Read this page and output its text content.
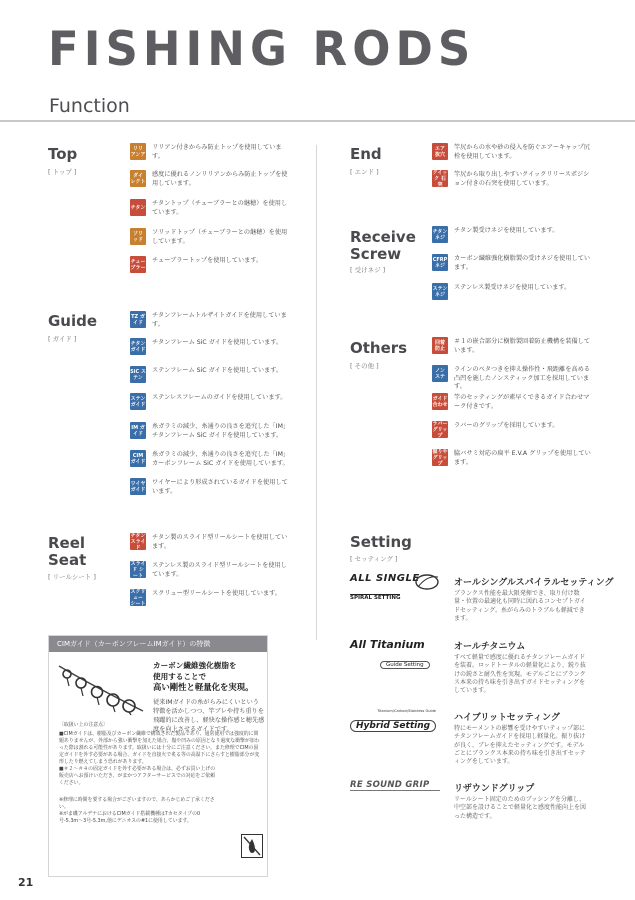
FISHING RODS
Function
Top
[ トップ ]
Guide
[ ガイド ]
Reel
Seat
[ リールシート ]
End
[ エンド ]
Receive
Screw
[ 受けネジ ]
Others
[ その他 ]
Setting
[ セッティング ]
ALL SINGLE
SPIRAL SETTING
オールシングルスパイラルセッティング
ブランクス性能を最大限発揮でき、取り付け数量・位置の最適化も同時に図れるコンセプトガイドセッティング。糸がらみのトラブルも軽減できます。
All Titanium
Guide Setting
オールチタニウム
すべて軽量で感度に優れるチタンフレームガイドを装着。ロッドトータルの軽量化により、鋭り抜けの鋭さと耐久性を実現。モデルごとにブランクス本来の持ち味を引き出すガイドセッティングをしています。
Titanium/Carbon/Stainless Guide
Hybrid Setting
ハイブリットセッティング
特にモーメントの影響を受けやすいティップ部にチタンフレームガイドを採用し軽量化。振り抜けが良く、ブレを抑えたセッティングです。モデルごとにブランクス本来の持ち味を引き出すセッティングをしています。
RE SOUND GRIP	リザウンドグリップ
リールシート固定のためのブッシングを分離し、中空部を設けることで軽量化と感度性能向上を図った構造です。
CIMガイド（カーボンフレームIMガイド）の特徴
カーボン繊維強化樹脂を
使用することで
高い剛性と軽量化を実現。
従来IMガイドの糸がらみにくいという特徴を活かしつつ、竿ブレや持ち重りを飛躍的に改善し、軽快な操作感と穂先感度を向上させるガイドです。
〔取扱い上の注意点〕
■CIMガイドは、樹脂及びカーボン繊維で構成された製品であり、通常使用では強度的に問題ありませんが、外部から強い衝撃を加えた場合、傷や凹みの原因となり過度な衝撃が加わった際は割れる可能性があります。取扱いには十分にご注意ください。また修理でCIMの固定ガイドを外す必要がある場合、ガイドを直接火で炙る等の高温下にさらすと樹脂部分が変形したり燃えてしまう恐れがあります。
■＃２～＃４の固定ガイドを外す必要がある場合は、必ずお買い上げの販売店へお預けいただき、がまかつアフターサービスでの対応をご依頼ください。
※修理に時間を要する場合がございますので、あらかじめご了承ください。
※がま磯アルデナにおけるCIMガイド搭載機種は7カセタイプの0号-5.3m〜3号-5.3m,他にデニオスの#1に使用しています。
21
リリ アンア
リリアン付きからみ防止トップを使用しています。
ダイ レクト
感度に優れるノンリリアンからみ防止トップを使用しています。
チタン
チタントップ（チューブラーとの継穂）を使用しています。
ソリ ッド
ソリッドトップ（チューブラーとの継穂）を使用しています。
チュー ブラー
チューブラートップを使用しています。
TZ ガイド
チタンフレームトルザイトガイドを使用しています。
チタン ガイド
チタンフレーム SiC ガイドを使用しています。
SiC ステン
ステンフレーム SiC ガイドを使用しています。
ステン ガイド
ステンレスフレームのガイドを使用しています。
IM ガイド
糸ガラミの減少、糸通りの良さを追究した「IM」チタンフレーム SiC ガイドを使用しています。
CIM ガイド
糸ガラミの減少、糸通りの良さを追究した「IM」カーボンフレーム SiC ガイドを使用しています。
ワイヤ ガイド
ワイヤーにより形成されているガイドを使用しています。
チタン スライド
チタン製のスライド型リールシートを使用しています。
スライド シート
ステンレス製のスライド型リールシートを使用しています。
スクリュー シート
スクリュー型リールシートを使用しています。
エア 抜穴
竿尻からの水や砂の侵入を防ぐエアーキャップ尻栓を使用しています。
クイック 石突
竿尻から取り出しやすいクイックリリースポジション付きの石突を使用しています。
チタン ネジ
チタン製受けネジを使用しています。
CFRP ネジ
カーボン繊維強化樹脂製の受けネジを使用しています。
ステン ネジ
ステンレス製受けネジを使用しています。
回着 防止
＃１の嵌合部分に樹脂製回着防止機構を装備しています。
ノン ステ
ラインのベタつきを抑え操作性・飛距離を高める凸凹を施したノンスティック加工を採用しています。
ガイド 合わせ
竿のセッティングが素早くできるガイド合わせマーク付きです。
ラバー グリップ
ラバーのグリップを採用しています。
握りや グリップ
脇バサミ対応の扁平 E.V.A グリップを使用しています。
